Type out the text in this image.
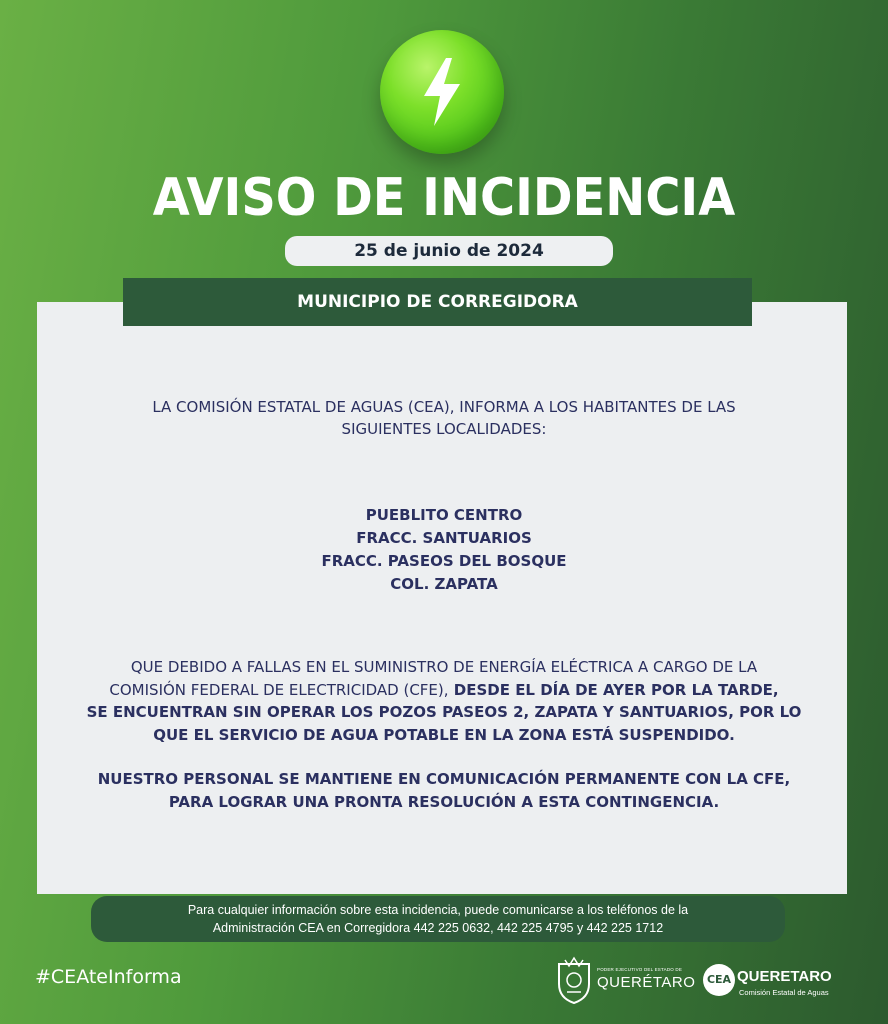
AVISO DE INCIDENCIA
25 de junio de 2024
MUNICIPIO DE CORREGIDORA
LA COMISIÓN ESTATAL DE AGUAS (CEA), INFORMA A LOS HABITANTES DE LAS
SIGUIENTES LOCALIDADES:
PUEBLITO CENTRO
FRACC. SANTUARIOS
FRACC. PASEOS DEL BOSQUE
COL. ZAPATA
QUE DEBIDO A FALLAS EN EL SUMINISTRO DE ENERGÍA ELÉCTRICA A CARGO DE LA
COMISIÓN FEDERAL DE ELECTRICIDAD (CFE), DESDE EL DÍA DE AYER POR LA TARDE,
SE ENCUENTRAN SIN OPERAR LOS POZOS PASEOS 2, ZAPATA Y SANTUARIOS, POR LO
QUE EL SERVICIO DE AGUA POTABLE EN LA ZONA ESTÁ SUSPENDIDO.
NUESTRO PERSONAL SE MANTIENE EN COMUNICACIÓN PERMANENTE CON LA CFE,
PARA LOGRAR UNA PRONTA RESOLUCIÓN A ESTA CONTINGENCIA.
Para cualquier información sobre esta incidencia, puede comunicarse a los teléfonos de la
Administración CEA en Corregidora 442 225 0632, 442 225 4795 y 442 225 1712
#CEAteInforma	PODER EJECUTIVO DEL ESTADO DE
QUERÉTARO	CEA QUERETARO
Comisión Estatal de Aguas
